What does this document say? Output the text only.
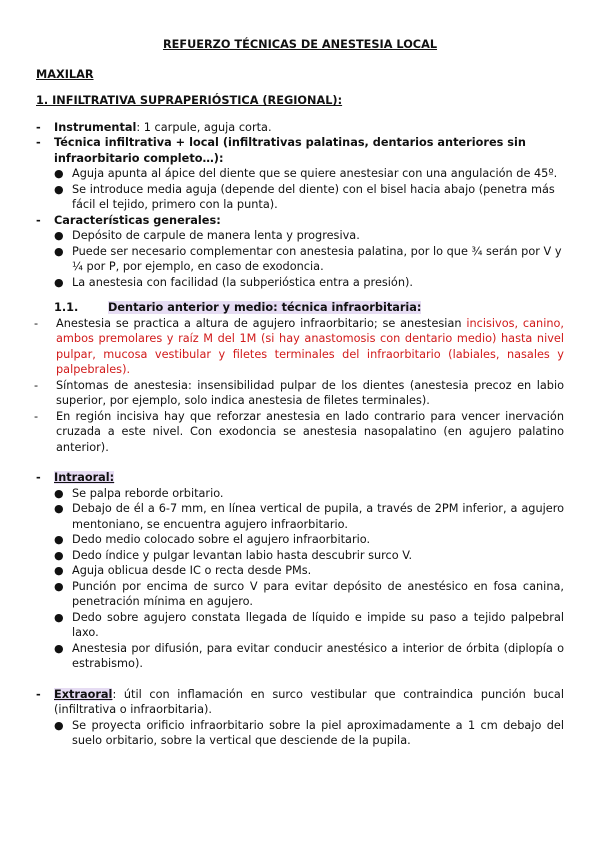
REFUERZO TÉCNICAS DE ANESTESIA LOCAL
MAXILAR
1. INFILTRATIVA SUPRAPERIÓSTICA (REGIONAL):
- Instrumental: 1 carpule, aguja corta.
- Técnica infiltrativa + local (infiltrativas palatinas, dentarios anteriores sin infraorbitario completo…):
● Aguja apunta al ápice del diente que se quiere anestesiar con una angulación de 45º.
● Se introduce media aguja (depende del diente) con el bisel hacia abajo (penetra más fácil el tejido, primero con la punta).
- Características generales:
● Depósito de carpule de manera lenta y progresiva.
● Puede ser necesario complementar con anestesia palatina, por lo que ¾ serán por V y ¼ por P, por ejemplo, en caso de exodoncia.
● La anestesia con facilidad (la subperióstica entra a presión).
1.1.	Dentario anterior y medio: técnica infraorbitaria:
- Anestesia se practica a altura de agujero infraorbitario; se anestesian incisivos, canino, ambos premolares y raíz M del 1M (si hay anastomosis con dentario medio) hasta nivel pulpar, mucosa vestibular y filetes terminales del infraorbitario (labiales, nasales y palpebrales).
- Síntomas de anestesia: insensibilidad pulpar de los dientes (anestesia precoz en labio superior, por ejemplo, solo indica anestesia de filetes terminales).
- En región incisiva hay que reforzar anestesia en lado contrario para vencer inervación cruzada a este nivel. Con exodoncia se anestesia nasopalatino (en agujero palatino anterior).
- Intraoral:
● Se palpa reborde orbitario.
● Debajo de él a 6-7 mm, en línea vertical de pupila, a través de 2PM inferior, a agujero mentoniano, se encuentra agujero infraorbitario.
● Dedo medio colocado sobre el agujero infraorbitario.
● Dedo índice y pulgar levantan labio hasta descubrir surco V.
● Aguja oblicua desde IC o recta desde PMs.
● Punción por encima de surco V para evitar depósito de anestésico en fosa canina, penetración mínima en agujero.
● Dedo sobre agujero constata llegada de líquido e impide su paso a tejido palpebral laxo.
● Anestesia por difusión, para evitar conducir anestésico a interior de órbita (diplopía o estrabismo).
- Extraoral: útil con inflamación en surco vestibular que contraindica punción bucal (infiltrativa o infraorbitaria).
● Se proyecta orificio infraorbitario sobre la piel aproximadamente a 1 cm debajo del suelo orbitario, sobre la vertical que desciende de la pupila.
